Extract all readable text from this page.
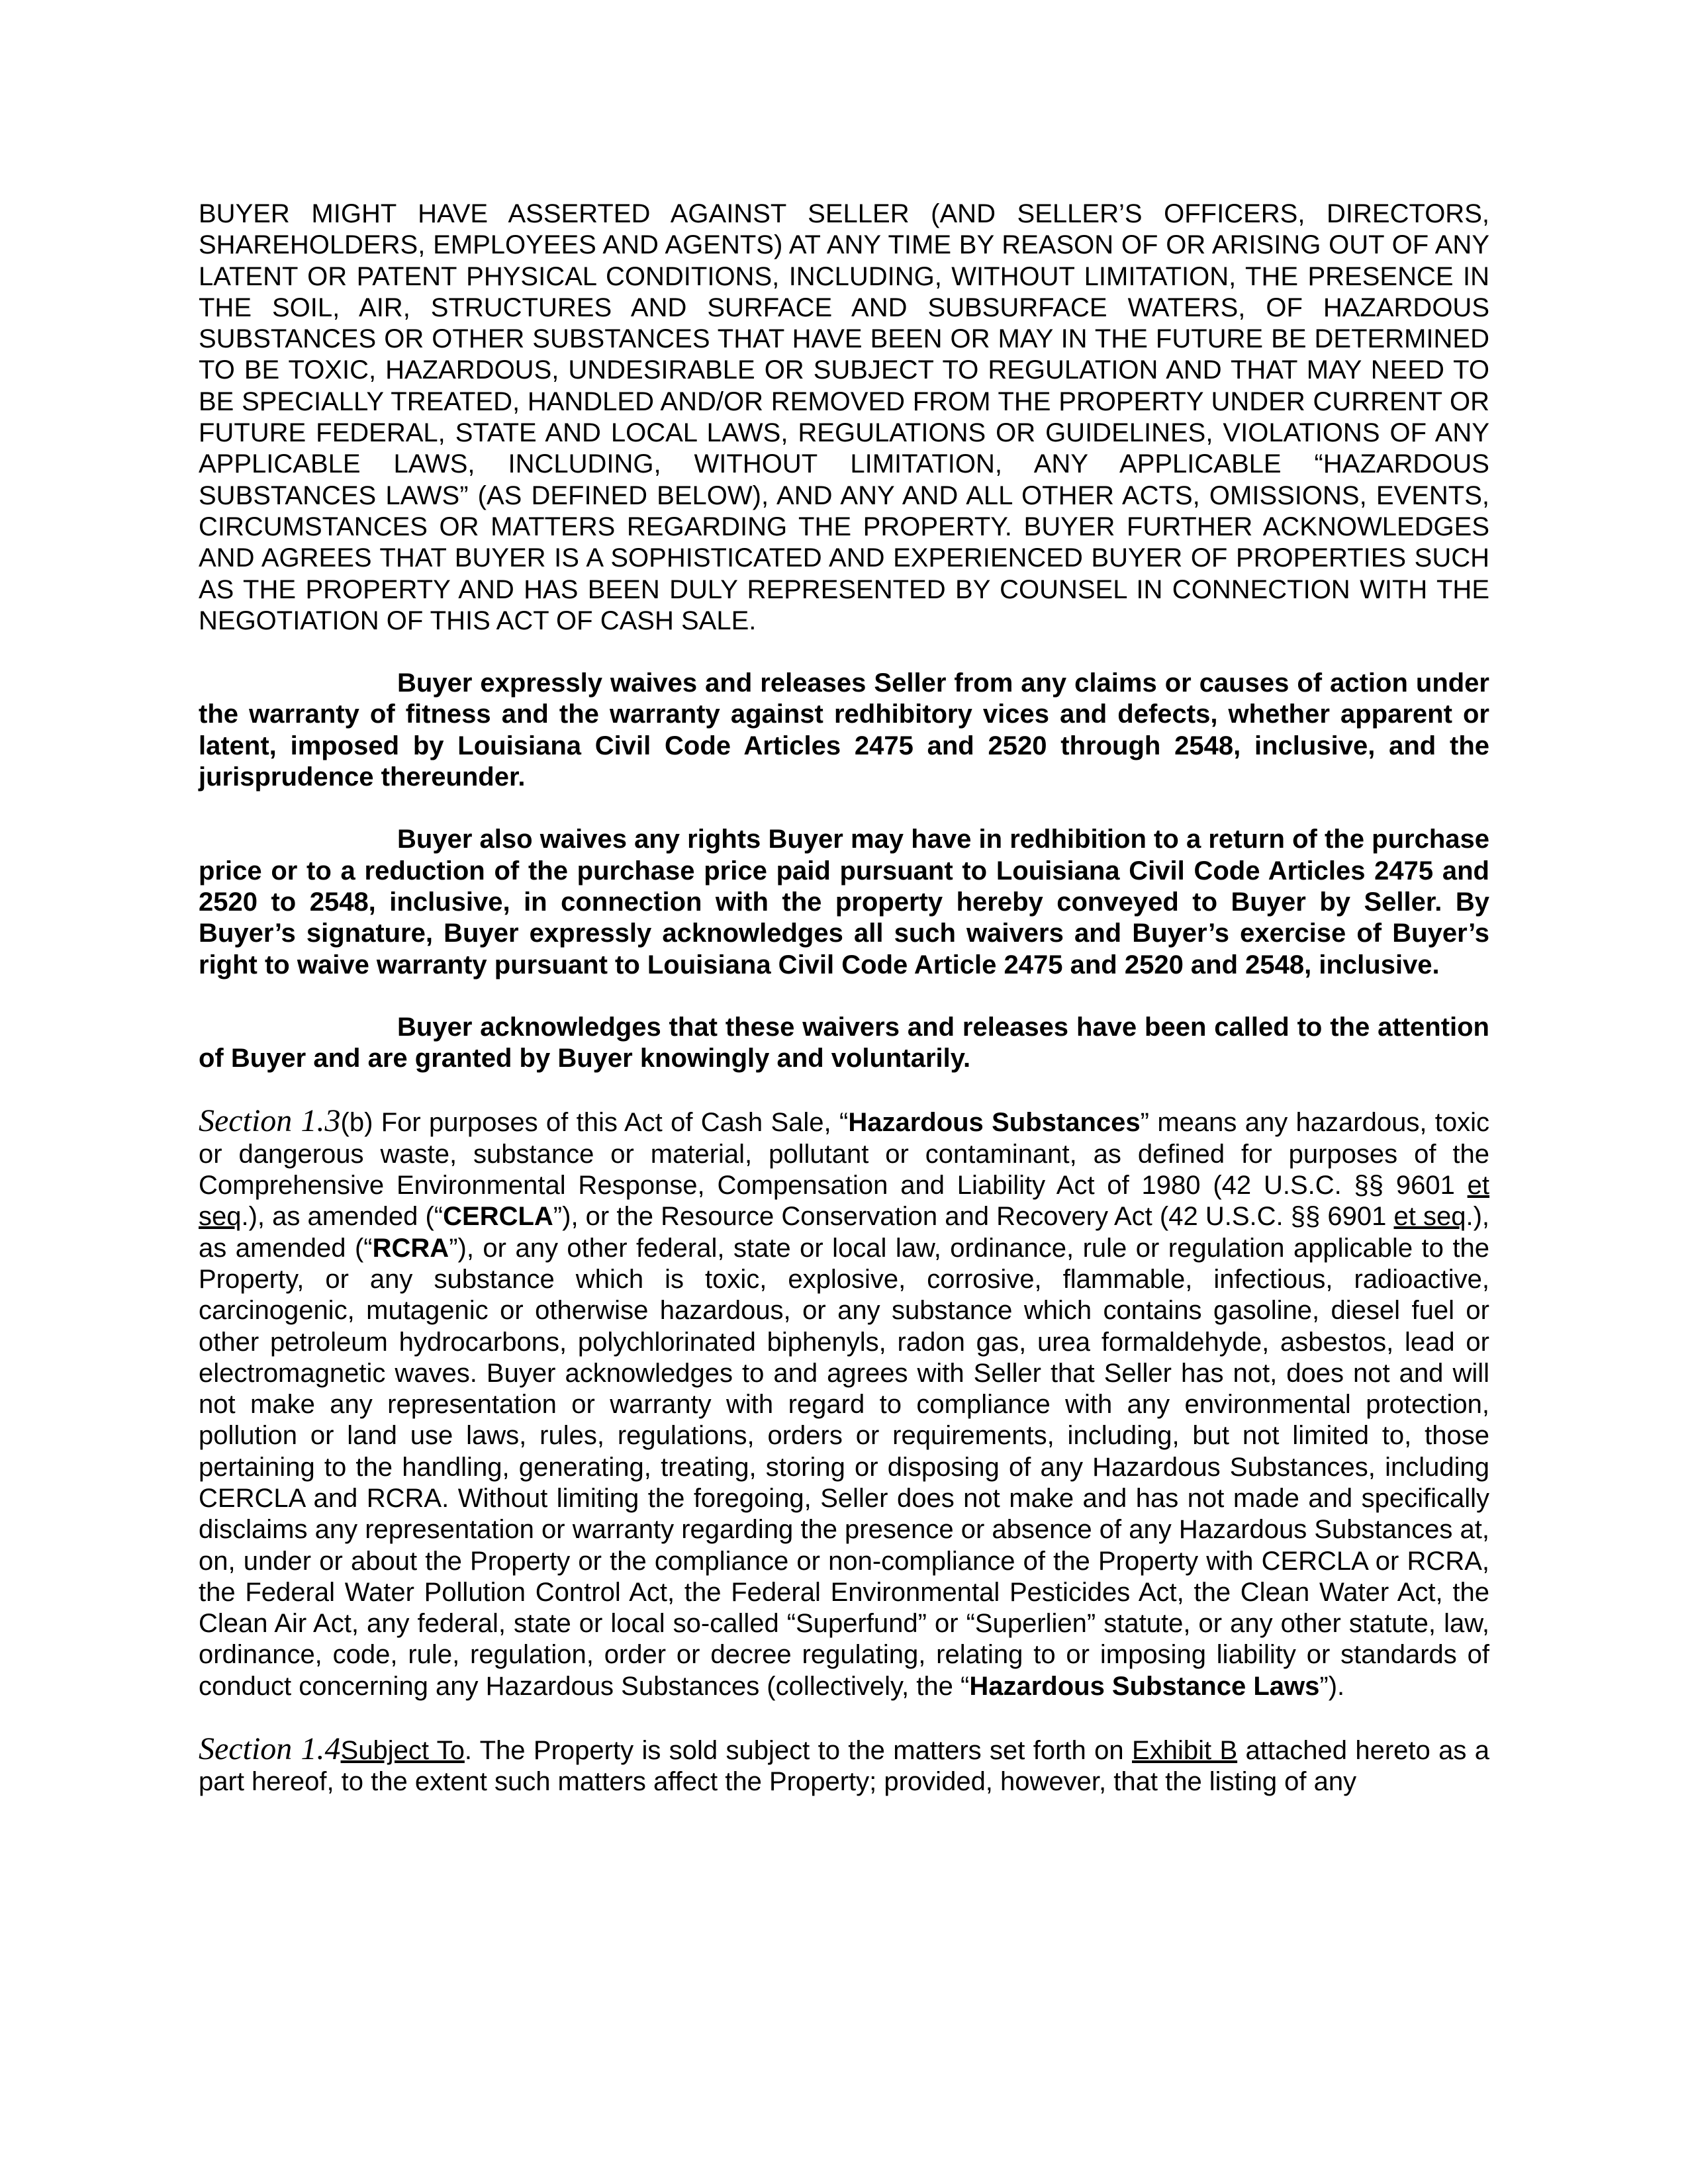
BUYER MIGHT HAVE ASSERTED AGAINST SELLER (AND SELLER’S OFFICERS, DIRECTORS, SHAREHOLDERS, EMPLOYEES AND AGENTS) AT ANY TIME BY REASON OF OR ARISING OUT OF ANY LATENT OR PATENT PHYSICAL CONDITIONS, INCLUDING, WITHOUT LIMITATION, THE PRESENCE IN THE SOIL, AIR, STRUCTURES AND SURFACE AND SUBSURFACE WATERS, OF HAZARDOUS SUBSTANCES OR OTHER SUBSTANCES THAT HAVE BEEN OR MAY IN THE FUTURE BE DETERMINED TO BE TOXIC, HAZARDOUS, UNDESIRABLE OR SUBJECT TO REGULATION AND THAT MAY NEED TO BE SPECIALLY TREATED, HANDLED AND/OR REMOVED FROM THE PROPERTY UNDER CURRENT OR FUTURE FEDERAL, STATE AND LOCAL LAWS, REGULATIONS OR GUIDELINES, VIOLATIONS OF ANY APPLICABLE LAWS, INCLUDING, WITHOUT LIMITATION, ANY APPLICABLE “HAZARDOUS SUBSTANCES LAWS” (AS DEFINED BELOW), AND ANY AND ALL OTHER ACTS, OMISSIONS, EVENTS, CIRCUMSTANCES OR MATTERS REGARDING THE PROPERTY. BUYER FURTHER ACKNOWLEDGES AND AGREES THAT BUYER IS A SOPHISTICATED AND EXPERIENCED BUYER OF PROPERTIES SUCH AS THE PROPERTY AND HAS BEEN DULY REPRESENTED BY COUNSEL IN CONNECTION WITH THE NEGOTIATION OF THIS ACT OF CASH SALE.

Buyer expressly waives and releases Seller from any claims or causes of action under the warranty of fitness and the warranty against redhibitory vices and defects, whether apparent or latent, imposed by Louisiana Civil Code Articles 2475 and 2520 through 2548, inclusive, and the jurisprudence thereunder.

Buyer also waives any rights Buyer may have in redhibition to a return of the purchase price or to a reduction of the purchase price paid pursuant to Louisiana Civil Code Articles 2475 and 2520 to 2548, inclusive, in connection with the property hereby conveyed to Buyer by Seller. By Buyer’s signature, Buyer expressly acknowledges all such waivers and Buyer’s exercise of Buyer’s right to waive warranty pursuant to Louisiana Civil Code Article 2475 and 2520 and 2548, inclusive.

Buyer acknowledges that these waivers and releases have been called to the attention of Buyer and are granted by Buyer knowingly and voluntarily.

Section 1.3(b) For purposes of this Act of Cash Sale, “Hazardous Substances” means any hazardous, toxic or dangerous waste, substance or material, pollutant or contaminant, as defined for purposes of the Comprehensive Environmental Response, Compensation and Liability Act of 1980 (42 U.S.C. §§ 9601 et seq.), as amended (“CERCLA”), or the Resource Conservation and Recovery Act (42 U.S.C. §§ 6901 et seq.), as amended (“RCRA”), or any other federal, state or local law, ordinance, rule or regulation applicable to the Property, or any substance which is toxic, explosive, corrosive, flammable, infectious, radioactive, carcinogenic, mutagenic or otherwise hazardous, or any substance which contains gasoline, diesel fuel or other petroleum hydrocarbons, polychlorinated biphenyls, radon gas, urea formaldehyde, asbestos, lead or electromagnetic waves. Buyer acknowledges to and agrees with Seller that Seller has not, does not and will not make any representation or warranty with regard to compliance with any environmental protection, pollution or land use laws, rules, regulations, orders or requirements, including, but not limited to, those pertaining to the handling, generating, treating, storing or disposing of any Hazardous Substances, including CERCLA and RCRA. Without limiting the foregoing, Seller does not make and has not made and specifically disclaims any representation or warranty regarding the presence or absence of any Hazardous Substances at, on, under or about the Property or the compliance or non-compliance of the Property with CERCLA or RCRA, the Federal Water Pollution Control Act, the Federal Environmental Pesticides Act, the Clean Water Act, the Clean Air Act, any federal, state or local so-called “Superfund” or “Superlien” statute, or any other statute, law, ordinance, code, rule, regulation, order or decree regulating, relating to or imposing liability or standards of conduct concerning any Hazardous Substances (collectively, the “Hazardous Substance Laws”).

Section 1.4Subject To. The Property is sold subject to the matters set forth on Exhibit B attached hereto as a part hereof, to the extent such matters affect the Property; provided, however, that the listing of any
